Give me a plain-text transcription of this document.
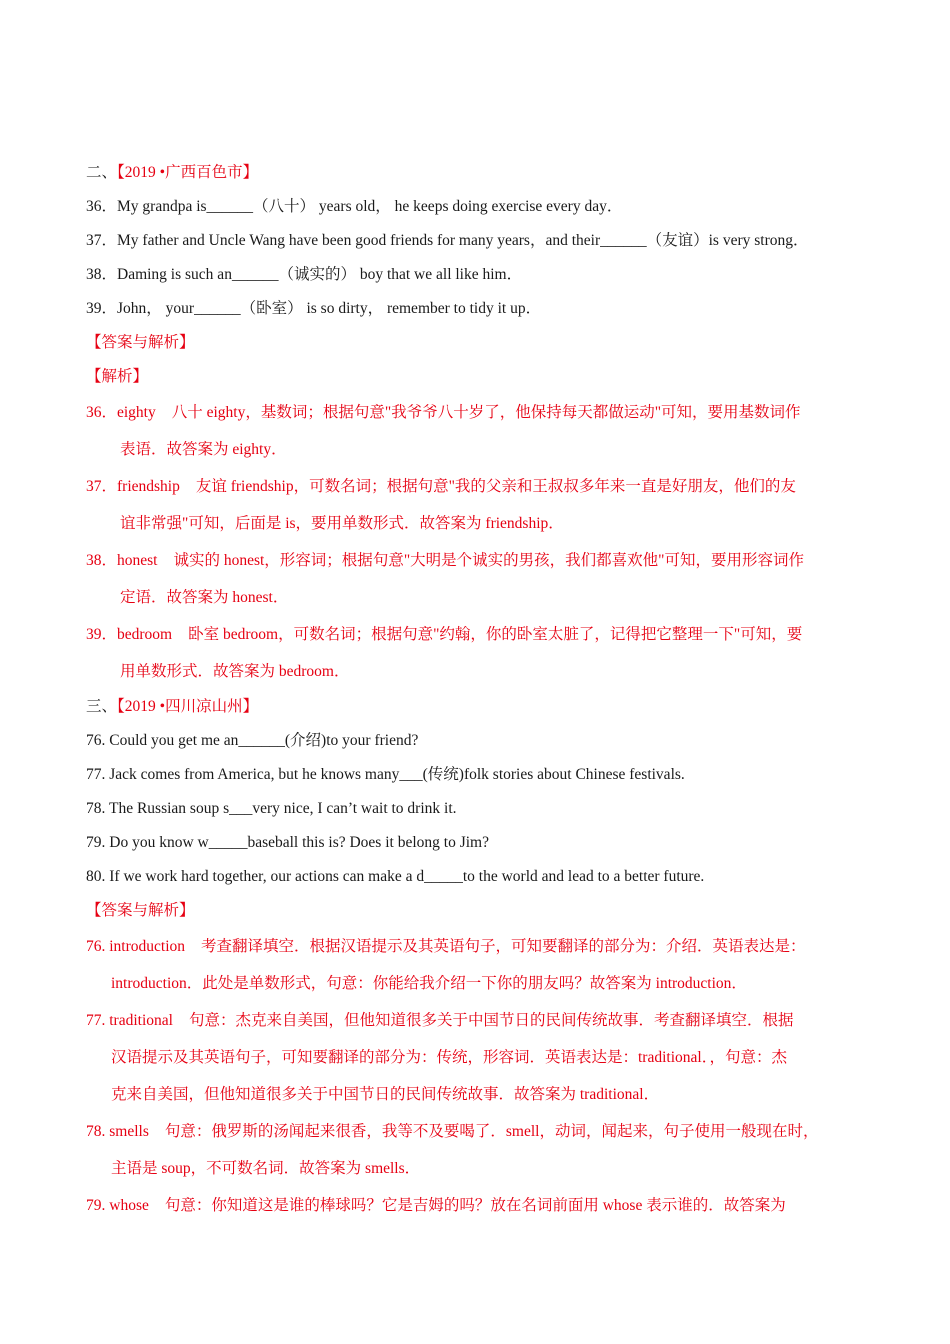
二、【2019 •广西百色市】
36．My grandpa is______（八十） years old， he keeps doing exercise every day．
37．My father and Uncle Wang have been good friends for many years，and their______（友谊）is very strong．
38．Daming is such an______（诚实的） boy that we all like him．
39．John， your______（卧室） is so dirty， remember to tidy it up．
【答案与解析】
【解析】
36．eighty 八十 eighty，基数词；根据句意"我爷爷八十岁了，他保持每天都做运动"可知，要用基数词作
表语．故答案为 eighty．
37．friendship 友谊 friendship，可数名词；根据句意"我的父亲和王叔叔多年来一直是好朋友，他们的友
谊非常强"可知，后面是 is，要用单数形式．故答案为 friendship．
38．honest 诚实的 honest，形容词；根据句意"大明是个诚实的男孩，我们都喜欢他"可知，要用形容词作
定语．故答案为 honest．
39．bedroom 卧室 bedroom，可数名词；根据句意"约翰，你的卧室太脏了，记得把它整理一下"可知，要
用单数形式．故答案为 bedroom．
三、【2019 •四川凉山州】
76. Could you get me an______(介绍)to your friend?
77. Jack comes from America, but he knows many___(传统)folk stories about Chinese festivals.
78. The Russian soup s___very nice, I can’t wait to drink it.
79. Do you know w_____baseball this is? Does it belong to Jim?
80. If we work hard together, our actions can make a d_____to the world and lead to a better future.
【答案与解析】
76. introduction 考查翻译填空．根据汉语提示及其英语句子，可知要翻译的部分为：介绍．英语表达是：
introduction．此处是单数形式，句意：你能给我介绍一下你的朋友吗？故答案为 introduction．
77. traditional 句意：杰克来自美国，但他知道很多关于中国节日的民间传统故事．考查翻译填空．根据
汉语提示及其英语句子，可知要翻译的部分为：传统，形容词．英语表达是：traditional．，句意：杰
克来自美国，但他知道很多关于中国节日的民间传统故事．故答案为 traditional．
78. smells 句意：俄罗斯的汤闻起来很香，我等不及要喝了．smell，动词，闻起来，句子使用一般现在时，
主语是 soup，不可数名词．故答案为 smells．
79. whose 句意：你知道这是谁的棒球吗？它是吉姆的吗？放在名词前面用 whose 表示谁的．故答案为
